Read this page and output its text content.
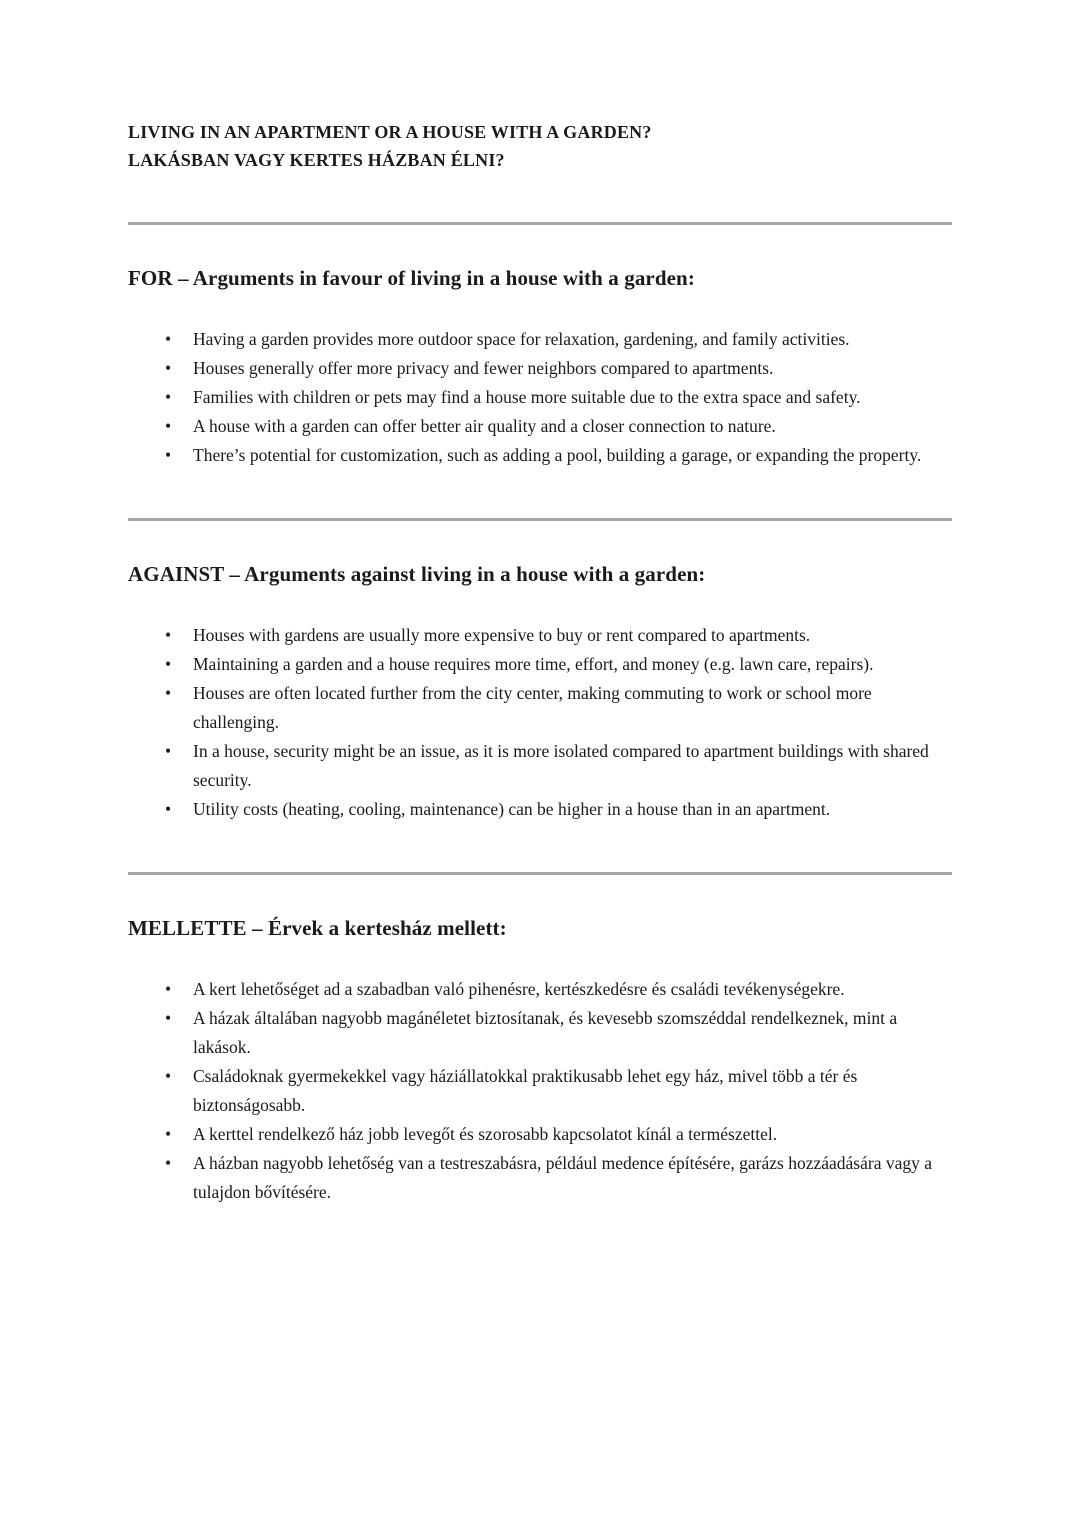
LIVING IN AN APARTMENT OR A HOUSE WITH A GARDEN?
LAKÁSBAN VAGY KERTES HÁZBAN ÉLNI?
FOR – Arguments in favour of living in a house with a garden:
• Having a garden provides more outdoor space for relaxation, gardening, and family activities.
• Houses generally offer more privacy and fewer neighbors compared to apartments.
• Families with children or pets may find a house more suitable due to the extra space and safety.
• A house with a garden can offer better air quality and a closer connection to nature.
• There’s potential for customization, such as adding a pool, building a garage, or expanding the property.
AGAINST – Arguments against living in a house with a garden:
• Houses with gardens are usually more expensive to buy or rent compared to apartments.
• Maintaining a garden and a house requires more time, effort, and money (e.g. lawn care, repairs).
• Houses are often located further from the city center, making commuting to work or school more challenging.
• In a house, security might be an issue, as it is more isolated compared to apartment buildings with shared security.
• Utility costs (heating, cooling, maintenance) can be higher in a house than in an apartment.
MELLETTE – Érvek a kertesház mellett:
• A kert lehetőséget ad a szabadban való pihenésre, kertészkedésre és családi tevékenységekre.
• A házak általában nagyobb magánéletet biztosítanak, és kevesebb szomszéddal rendelkeznek, mint a lakások.
• Családoknak gyermekekkel vagy háziállatokkal praktikusabb lehet egy ház, mivel több a tér és biztonságosabb.
• A kerttel rendelkező ház jobb levegőt és szorosabb kapcsolatot kínál a természettel.
• A házban nagyobb lehetőség van a testreszabásra, például medence építésére, garázs hozzáadására vagy a tulajdon bővítésére.
